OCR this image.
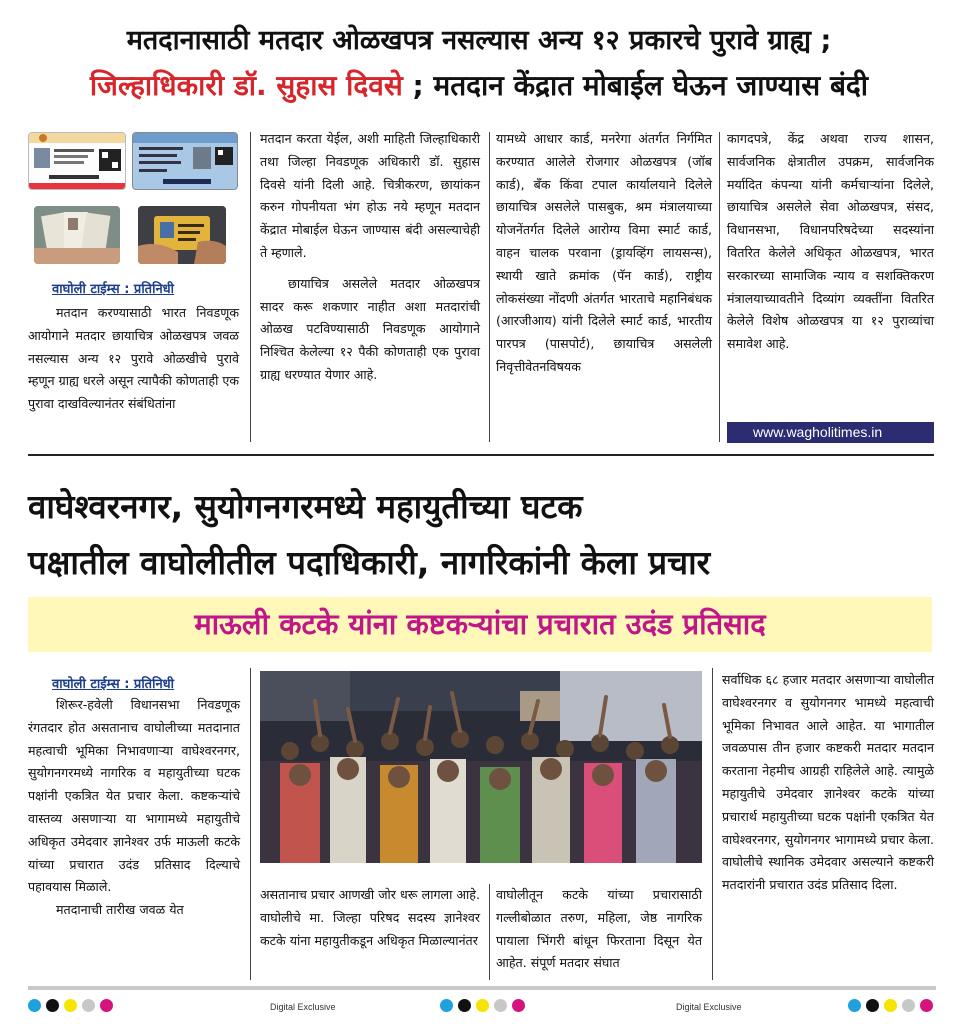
मतदानासाठी मतदार ओळखपत्र नसल्यास अन्य १२ प्रकारचे पुरावे ग्राह्य ;
जिल्हाधिकारी डॉ. सुहास दिवसे ; मतदान केंद्रात मोबाईल घेऊन जाण्यास बंदी
वाघोली टाईम्स : प्रतिनिधी

मतदान करण्यासाठी भारत निवडणूक आयोगाने मतदार छायाचित्र ओळखपत्र जवळ नसल्यास अन्य १२ पुरावे ओळखीचे पुरावे म्हणून ग्राह्य धरले असून त्यापैकी कोणताही एक पुरावा दाखविल्यानंतर संबंधितांना

मतदान करता येईल, अशी माहिती जिल्हाधिकारी तथा जिल्हा निवडणूक अधिकारी डॉ. सुहास दिवसे यांनी दिली आहे. चित्रीकरण, छायांकन करुन गोपनीयता भंग होऊ नये म्हणून मतदान केंद्रात मोबाईल घेऊन जाण्यास बंदी असल्याचेही ते म्हणाले.

छायाचित्र असलेले मतदार ओळखपत्र सादर करू शकणार नाहीत अशा मतदारांची ओळख पटविण्यासाठी निवडणूक आयोगाने निश्चित केलेल्या १२ पैकी कोणताही एक पुरावा ग्राह्य धरण्यात येणार आहे.

यामध्ये आधार कार्ड, मनरेगा अंतर्गत निर्गमित करण्यात आलेले रोजगार ओळखपत्र (जॉब कार्ड), बँक किंवा टपाल कार्यालयाने दिलेले छायाचित्र असलेले पासबुक, श्रम मंत्रालयाच्या योजनेंतर्गत दिलेले आरोग्य विमा स्मार्ट कार्ड, वाहन चालक परवाना (ड्रायव्हिंग लायसन्स), स्थायी खाते क्रमांक (पॅन कार्ड), राष्ट्रीय लोकसंख्या नोंदणी अंतर्गत भारताचे महानिबंधक (आरजीआय) यांनी दिलेले स्मार्ट कार्ड, भारतीय पारपत्र (पासपोर्ट), छायाचित्र असलेली निवृत्तीवेतनविषयक

कागदपत्रे, केंद्र अथवा राज्य शासन, सार्वजनिक क्षेत्रातील उपक्रम, सार्वजनिक मर्यादित कंपन्या यांनी कर्मचाऱ्यांना दिलेले, छायाचित्र असलेले सेवा ओळखपत्र, संसद, विधानसभा, विधानपरिषदेच्या सदस्यांना वितरित केलेले अधिकृत ओळखपत्र, भारत सरकारच्या सामाजिक न्याय व सशक्तिकरण मंत्रालयाच्यावतीने दिव्यांग व्यक्तींना वितरित केलेले विशेष ओळखपत्र या १२ पुराव्यांचा समावेश आहे.

www.wagholitimes.in
वाघेश्वरनगर, सुयोगनगरमध्ये महायुतीच्या घटक
पक्षातील वाघोलीतील पदाधिकारी, नागरिकांनी केला प्रचार
माऊली कटके यांना कष्टकऱ्यांचा प्रचारात उदंड प्रतिसाद
वाघोली टाईम्स : प्रतिनिधी

शिरूर-हवेली विधानसभा निवडणूक रंगतदार होत असतानाच वाघोलीच्या मतदानात महत्वाची भूमिका निभावणाऱ्या वाघेश्वरनगर, सुयोगनगरमध्ये नागरिक व महायुतीच्या घटक पक्षांनी एकत्रित येत प्रचार केला. कष्टकऱ्यांचे वास्तव्य असणाऱ्या या भागामध्ये महायुतीचे अधिकृत उमेदवार ज्ञानेश्वर उर्फ माऊली कटके यांच्या प्रचारात उदंड प्रतिसाद दिल्याचे पहावयास मिळाले.

मतदानाची तारीख जवळ येत

असतानाच प्रचार आणखी जोर धरू लागला आहे. वाघोलीचे मा. जिल्हा परिषद सदस्य ज्ञानेश्वर कटके यांना महायुतीकडून अधिकृत मिळाल्यानंतर

वाघोलीतून कटके यांच्या प्रचारासाठी गल्लीबोळात तरुण, महिला, जेष्ठ नागरिक पायाला भिंगरी बांधून फिरताना दिसून येत आहेत. संपूर्ण मतदार संघात

सर्वाधिक ६८ हजार मतदार असणाऱ्या वाघोलीत वाघेश्वरनगर व सुयोगनगर भामध्ये महत्वाची भूमिका निभावत आले आहेत. या भागातील जवळपास तीन हजार कष्टकरी मतदार मतदान करताना नेहमीच आग्रही राहिलेले आहे. त्यामुळे महायुतीचे उमेदवार ज्ञानेश्वर कटके यांच्या प्रचारार्थ महायुतीच्या घटक पक्षांनी एकत्रित येत वाघेश्वरनगर, सुयोगनगर भागामध्ये प्रचार केला. वाघोलीचे स्थानिक उमेदवार असल्याने कष्टकरी मतदारांनी प्रचारात उदंड प्रतिसाद दिला.

Digital Exclusive	Digital Exclusive
